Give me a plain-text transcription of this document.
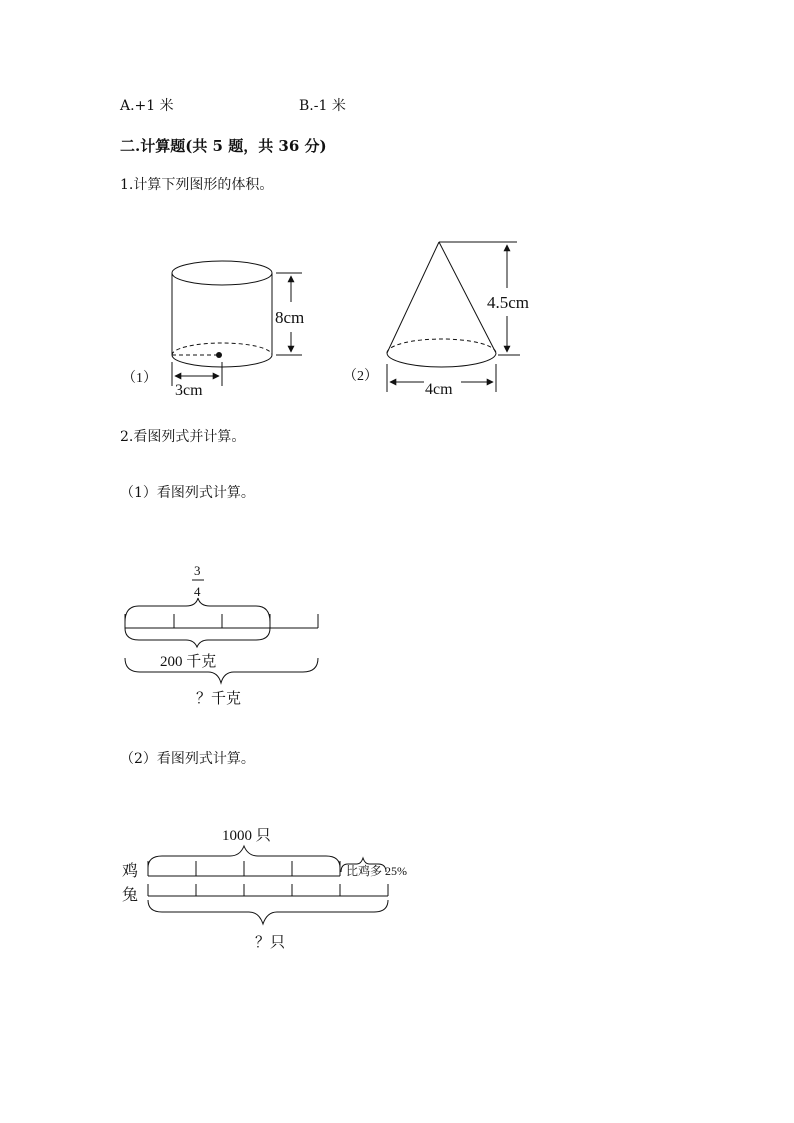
A.+1 米	B.-1 米
二.计算题(共 5 题，共 36 分)
1.计算下列图形的体积。
2.看图列式并计算。
（1）看图列式计算。
（2）看图列式计算。
（1）
8cm
3cm
（2）
4.5cm
4cm
3
4
200 千克
？千克
1000 只
鸡
兔
比鸡多 25%
？只
